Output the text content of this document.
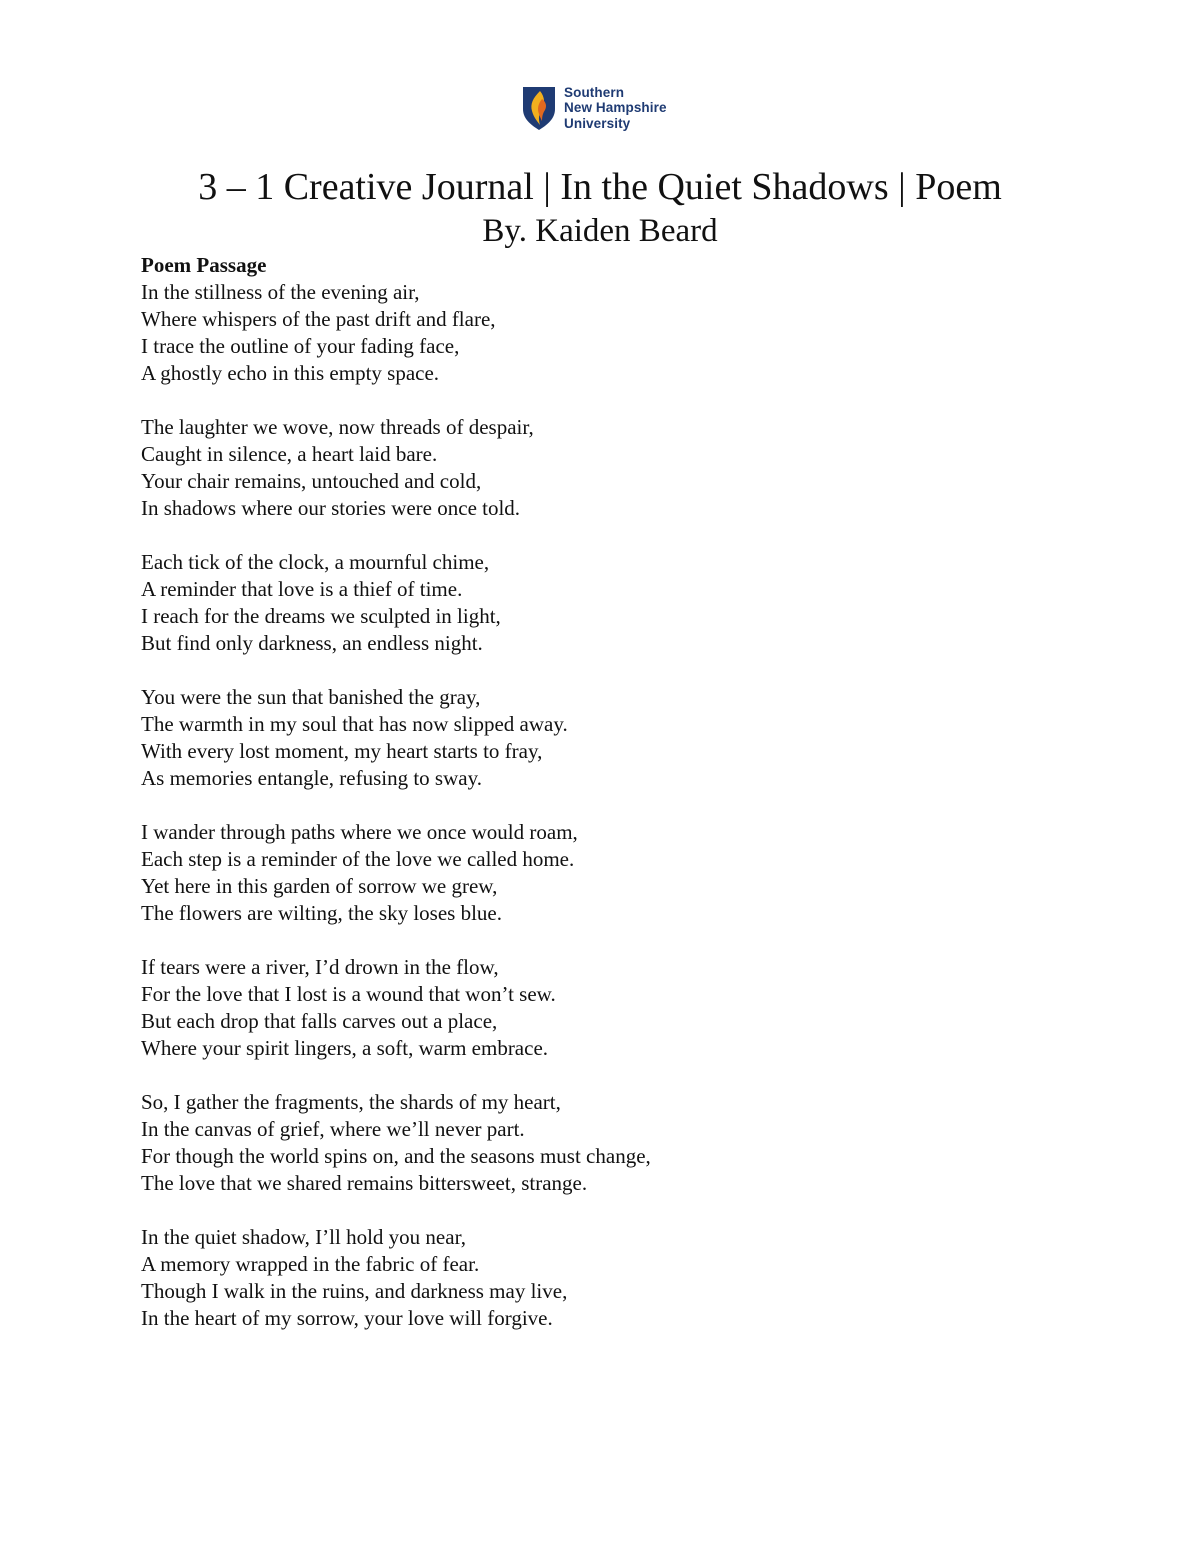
Southern
New Hampshire
University
3 – 1 Creative Journal | In the Quiet Shadows | Poem
By. Kaiden Beard
Poem Passage
In the stillness of the evening air,
Where whispers of the past drift and flare,
I trace the outline of your fading face,
A ghostly echo in this empty space.
The laughter we wove, now threads of despair,
Caught in silence, a heart laid bare.
Your chair remains, untouched and cold,
In shadows where our stories were once told.
Each tick of the clock, a mournful chime,
A reminder that love is a thief of time.
I reach for the dreams we sculpted in light,
But find only darkness, an endless night.
You were the sun that banished the gray,
The warmth in my soul that has now slipped away.
With every lost moment, my heart starts to fray,
As memories entangle, refusing to sway.
I wander through paths where we once would roam,
Each step is a reminder of the love we called home.
Yet here in this garden of sorrow we grew,
The flowers are wilting, the sky loses blue.
If tears were a river, I’d drown in the flow,
For the love that I lost is a wound that won’t sew.
But each drop that falls carves out a place,
Where your spirit lingers, a soft, warm embrace.
So, I gather the fragments, the shards of my heart,
In the canvas of grief, where we’ll never part.
For though the world spins on, and the seasons must change,
The love that we shared remains bittersweet, strange.
In the quiet shadow, I’ll hold you near,
A memory wrapped in the fabric of fear.
Though I walk in the ruins, and darkness may live,
In the heart of my sorrow, your love will forgive.
